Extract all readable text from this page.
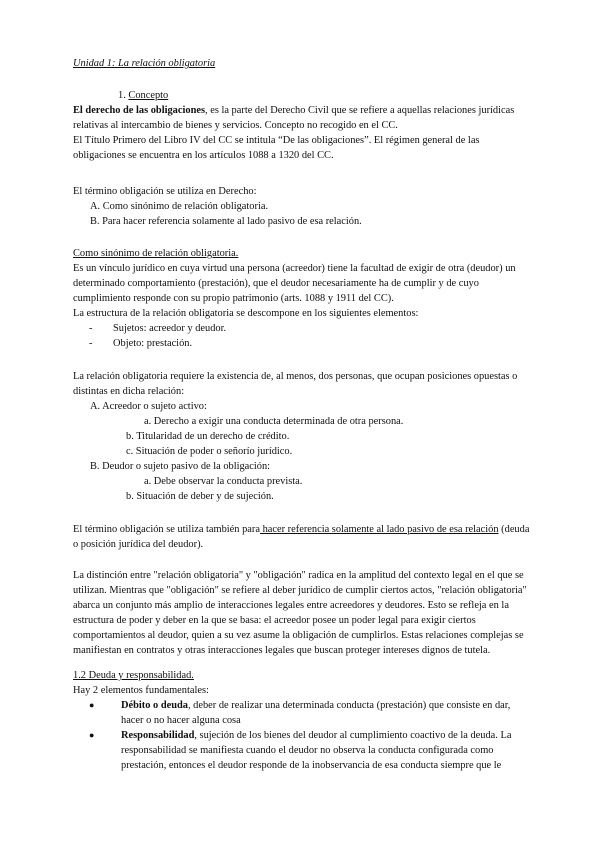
Unidad 1: La relación obligatoria

1. Concepto

El derecho de las obligaciones, es la parte del Derecho Civil que se refiere a aquellas relaciones jurídicas relativas al intercambio de bienes y servicios. Concepto no recogido en el CC.

El Título Primero del Libro IV del CC se intitula “De las obligaciones”. El régimen general de las obligaciones se encuentra en los artículos 1088 a 1320 del CC.

El término obligación se utiliza en Derecho:

A. Como sinónimo de relación obligatoria.

B. Para hacer referencia solamente al lado pasivo de esa relación.

Como sinónimo de relación obligatoria.

Es un vínculo jurídico en cuya virtud una persona (acreedor) tiene la facultad de exigir de otra (deudor) un determinado comportamiento (prestación), que el deudor necesariamente ha de cumplir y de cuyo cumplimiento responde con su propio patrimonio (arts. 1088 y 1911 del CC).

La estructura de la relación obligatoria se descompone en los siguientes elementos:

-	Sujetos: acreedor y deudor.
-	Objeto: prestación.

La relación obligatoria requiere la existencia de, al menos, dos personas, que ocupan posiciones opuestas o distintas en dicha relación:

A. Acreedor o sujeto activo:

a. Derecho a exigir una conducta determinada de otra persona.

b. Titularidad de un derecho de crédito.

c. Situación de poder o señorío jurídico.

B. Deudor o sujeto pasivo de la obligación:

a. Debe observar la conducta prevista.

b. Situación de deber y de sujeción.

El término obligación se utiliza también para hacer referencia solamente al lado pasivo de esa relación (deuda o posición jurídica del deudor).

La distinción entre "relación obligatoria" y "obligación" radica en la amplitud del contexto legal en el que se utilizan. Mientras que "obligación" se refiere al deber jurídico de cumplir ciertos actos, "relación obligatoria" abarca un conjunto más amplio de interacciones legales entre acreedores y deudores. Esto se refleja en la estructura de poder y deber en la que se basa: el acreedor posee un poder legal para exigir ciertos comportamientos al deudor, quien a su vez asume la obligación de cumplirlos. Estas relaciones complejas se manifiestan en contratos y otras interacciones legales que buscan proteger intereses dignos de tutela.

1.2 Deuda y responsabilidad.

Hay 2 elementos fundamentales:

●	Débito o deuda, deber de realizar una determinada conducta (prestación) que consiste en dar, hacer o no hacer alguna cosa
●	Responsabilidad, sujeción de los bienes del deudor al cumplimiento coactivo de la deuda. La responsabilidad se manifiesta cuando el deudor no observa la conducta configurada como prestación, entonces el deudor responde de la inobservancia de esa conducta siempre que le
